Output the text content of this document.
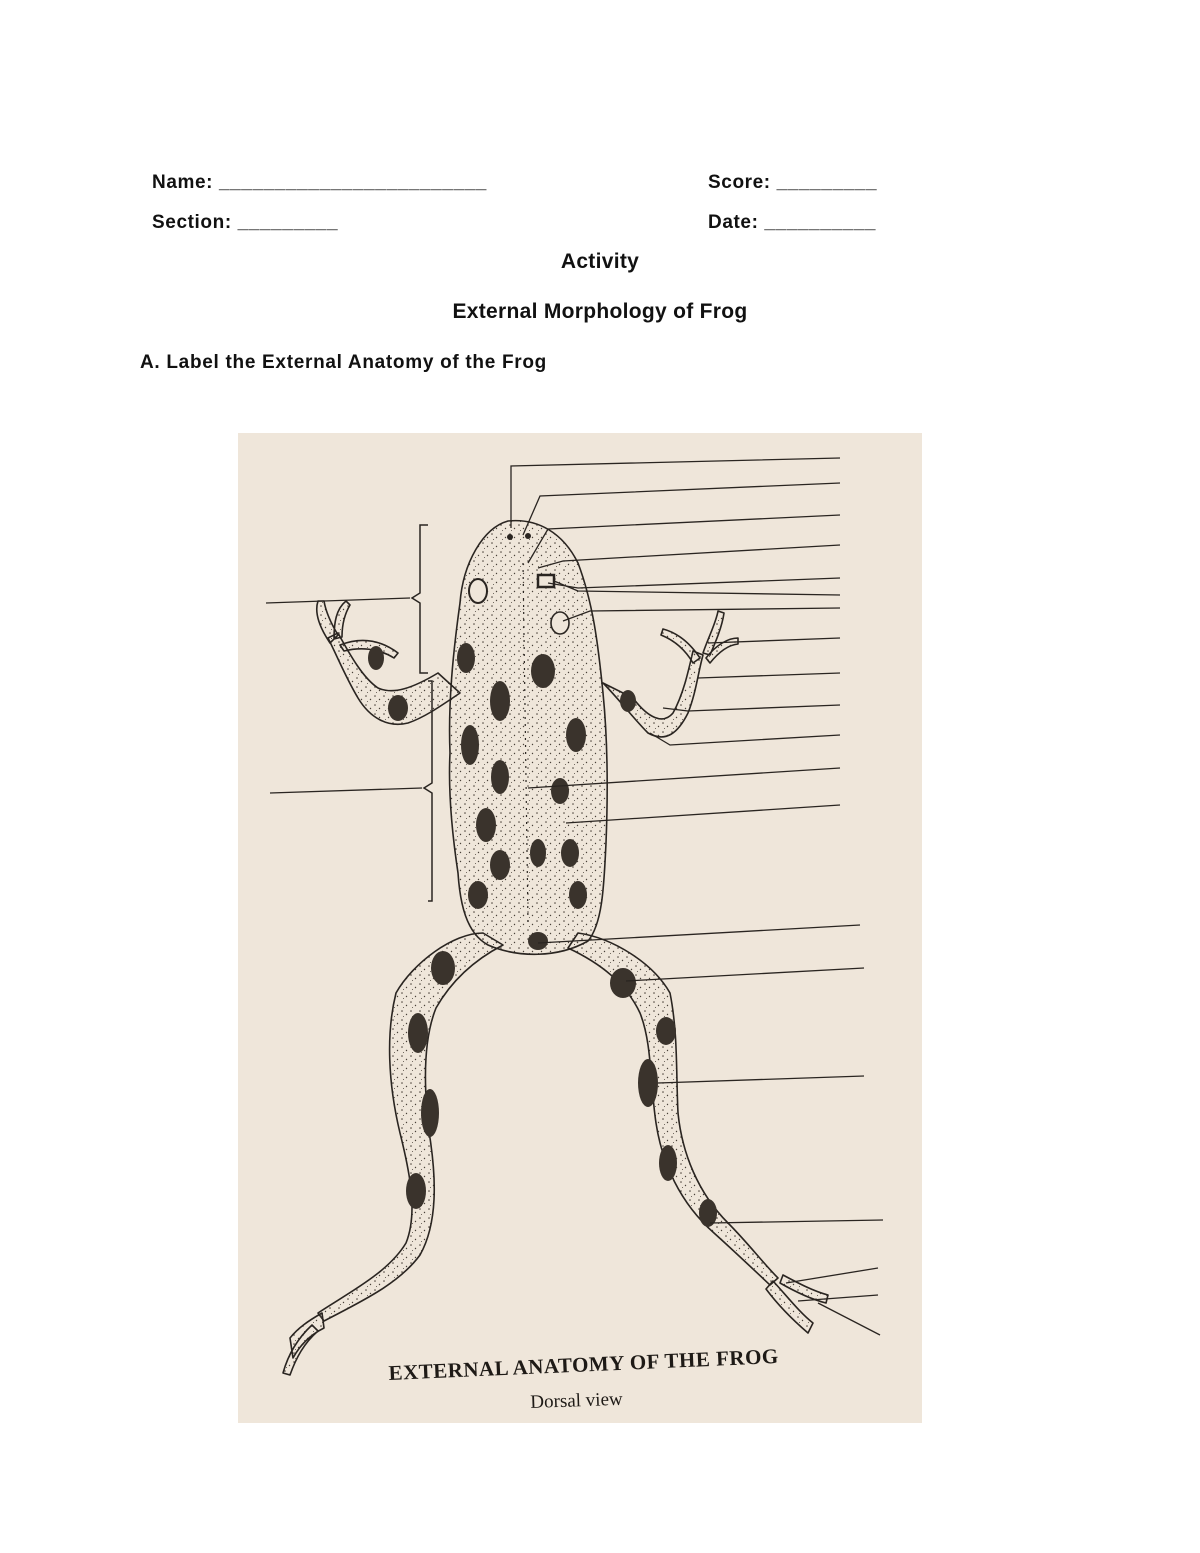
Name: ________________________	Score: _________
Section: _________	Date: __________
Activity
External Morphology of Frog
A. Label the External Anatomy of the Frog
EXTERNAL ANATOMY OF THE FROG
Dorsal view
